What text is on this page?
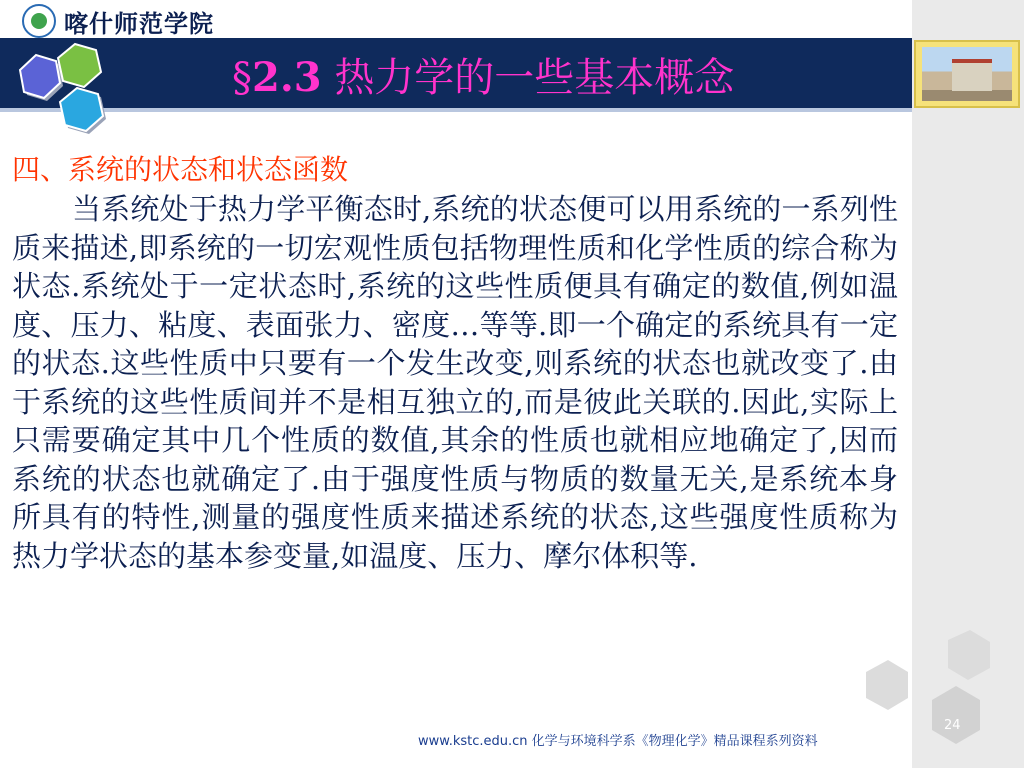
喀什师范学院
§2.3 热力学的一些基本概念
四、系统的状态和状态函数
当系统处于热力学平衡态时,系统的状态便可以用系统的一系列性质来描述,即系统的一切宏观性质包括物理性质和化学性质的综合称为状态.系统处于一定状态时,系统的这些性质便具有确定的数值,例如温度、压力、粘度、表面张力、密度…等等.即一个确定的系统具有一定的状态.这些性质中只要有一个发生改变,则系统的状态也就改变了.由于系统的这些性质间并不是相互独立的,而是彼此关联的.因此,实际上只需要确定其中几个性质的数值,其余的性质也就相应地确定了,因而系统的状态也就确定了.由于强度性质与物质的数量无关,是系统本身所具有的特性,测量的强度性质来描述系统的状态,这些强度性质称为热力学状态的基本参变量,如温度、压力、摩尔体积等.
24
www.kstc.edu.cn 化学与环境科学系《物理化学》精品课程系列资料
